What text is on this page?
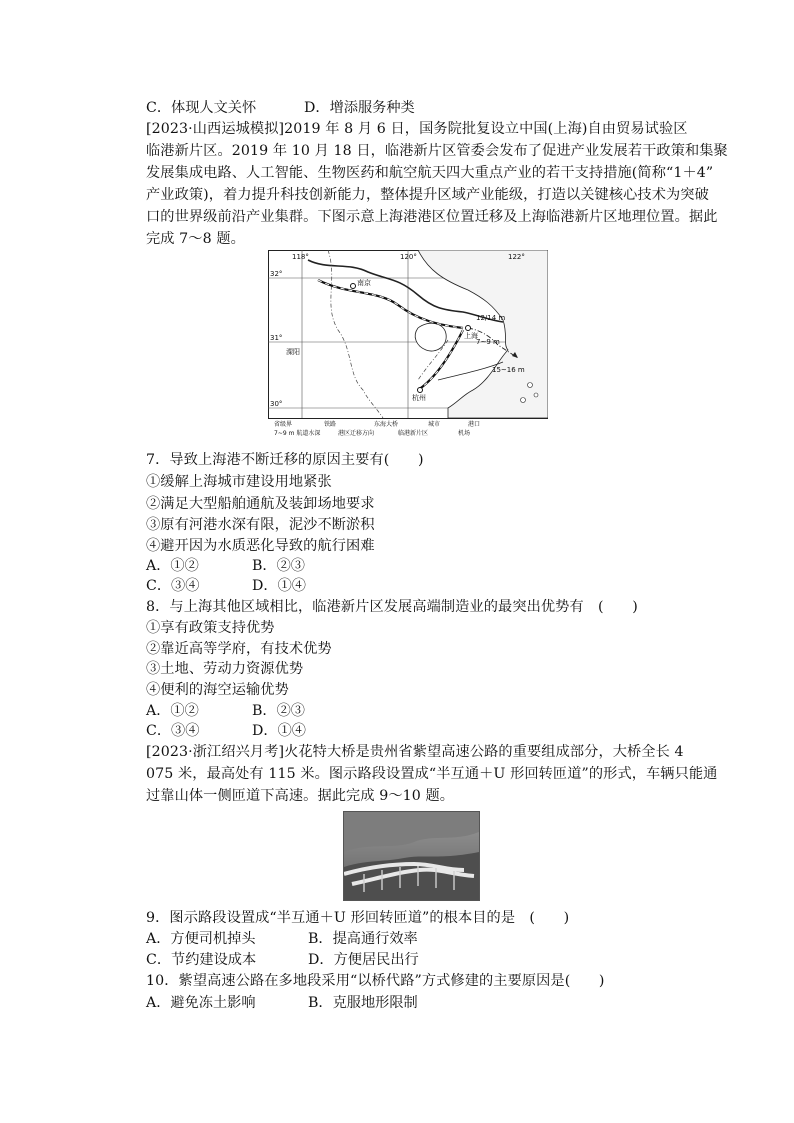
C．体现人文关怀	D．增添服务种类
[2023·山西运城模拟]2019 年 8 月 6 日，国务院批复设立中国(上海)自由贸易试验区
临港新片区。2019 年 10 月 18 日，临港新片区管委会发布了促进产业发展若干政策和集聚
发展集成电路、人工智能、生物医药和航空航天四大重点产业的若干支持措施(简称“1＋4”
产业政策)，着力提升科技创新能力，整体提升区域产业能级，打造以关键核心技术为突破
口的世界级前沿产业集群。下图示意上海港港区位置迁移及上海临港新片区地理位置。据此
完成 7～8 题。
118°	120°	122°
32°
31°
30°
南京
上海
杭州
溧阳
12/14 m
7~9 m
15~16 m
省级界	铁路	东海大桥	城市	港口
7~9 m 航道水深	港区迁移方向	临港新片区	机场
7．导致上海港不断迁移的原因主要有(　　)
①缓解上海城市建设用地紧张
②满足大型船舶通航及装卸场地要求
③原有河港水深有限，泥沙不断淤积
④避开因为水质恶化导致的航行困难
A．①②	B．②③
C．③④	D．①④
8．与上海其他区域相比，临港新片区发展高端制造业的最突出优势有　(　　)
①享有政策支持优势
②靠近高等学府，有技术优势
③土地、劳动力资源优势
④便利的海空运输优势
A．①②	B．②③
C．③④	D．①④
[2023·浙江绍兴月考]火花特大桥是贵州省紫望高速公路的重要组成部分，大桥全长 4
075 米，最高处有 115 米。图示路段设置成“半互通＋U 形回转匝道”的形式，车辆只能通
过靠山体一侧匝道下高速。据此完成 9～10 题。
9．图示路段设置成“半互通＋U 形回转匝道”的根本目的是　(　　)
A．方便司机掉头	B．提高通行效率
C．节约建设成本	D．方便居民出行
10．紫望高速公路在多地段采用“以桥代路”方式修建的主要原因是(　　)
A．避免冻土影响	B．克服地形限制
